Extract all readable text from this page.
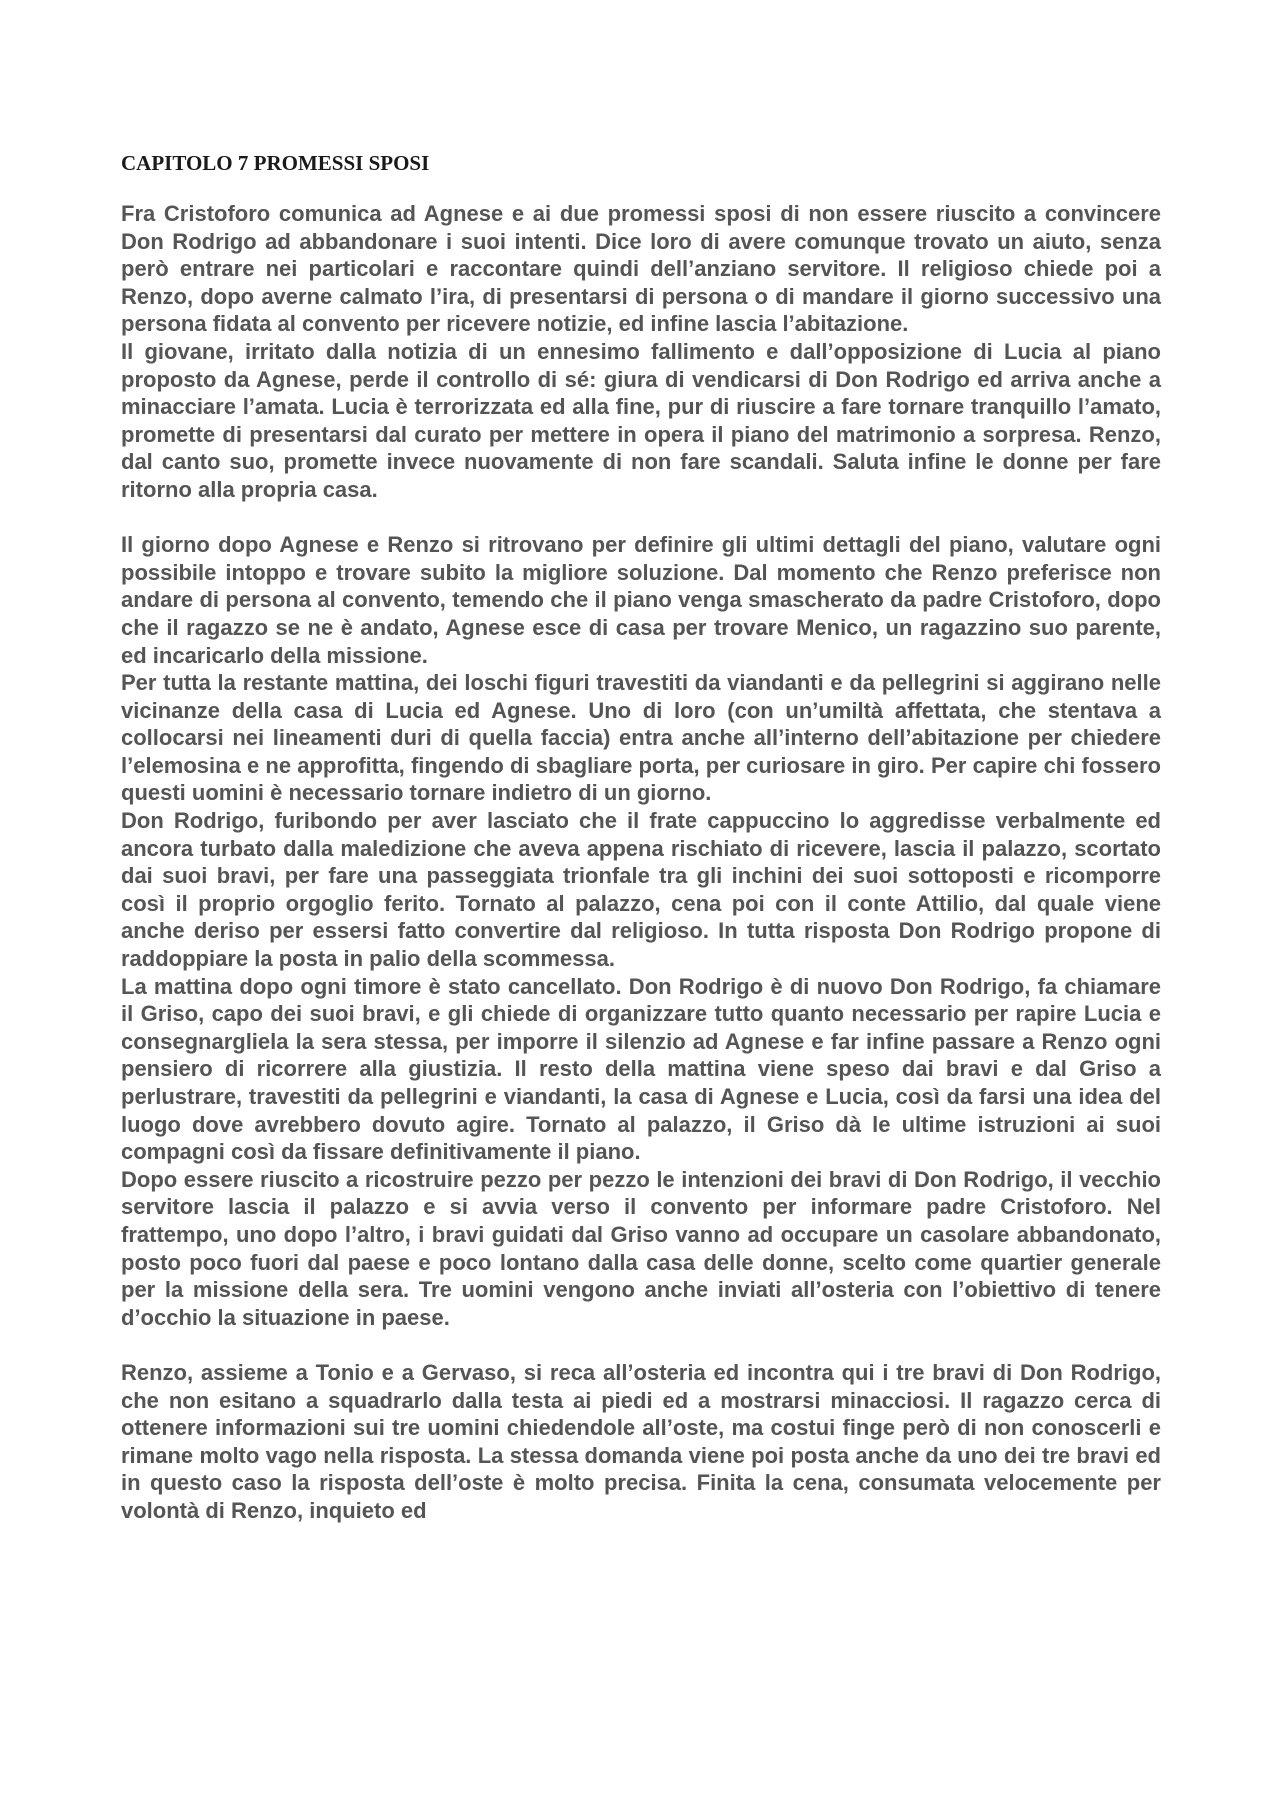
CAPITOLO 7 PROMESSI SPOSI

Fra Cristoforo comunica ad Agnese e ai due promessi sposi di non essere riuscito a convincere Don Rodrigo ad abbandonare i suoi intenti. Dice loro di avere comunque trovato un aiuto, senza però entrare nei particolari e raccontare quindi dell’anziano servitore. Il religioso chiede poi a Renzo, dopo averne calmato l’ira, di presentarsi di persona o di mandare il giorno successivo una persona fidata al convento per ricevere notizie, ed infine lascia l’abitazione.

Il giovane, irritato dalla notizia di un ennesimo fallimento e dall’opposizione di Lucia al piano proposto da Agnese, perde il controllo di sé: giura di vendicarsi di Don Rodrigo ed arriva anche a minacciare l’amata. Lucia è terrorizzata ed alla fine, pur di riuscire a fare tornare tranquillo l’amato, promette di presentarsi dal curato per mettere in opera il piano del matrimonio a sorpresa. Renzo, dal canto suo, promette invece nuovamente di non fare scandali. Saluta infine le donne per fare ritorno alla propria casa.

Il giorno dopo Agnese e Renzo si ritrovano per definire gli ultimi dettagli del piano, valutare ogni possibile intoppo e trovare subito la migliore soluzione. Dal momento che Renzo preferisce non andare di persona al convento, temendo che il piano venga smascherato da padre Cristoforo, dopo che il ragazzo se ne è andato, Agnese esce di casa per trovare Menico, un ragazzino suo parente, ed incaricarlo della missione.

Per tutta la restante mattina, dei loschi figuri travestiti da viandanti e da pellegrini si aggirano nelle vicinanze della casa di Lucia ed Agnese. Uno di loro (con un’umiltà affettata, che stentava a collocarsi nei lineamenti duri di quella faccia) entra anche all’interno dell’abitazione per chiedere l’elemosina e ne approfitta, fingendo di sbagliare porta, per curiosare in giro. Per capire chi fossero questi uomini è necessario tornare indietro di un giorno.

Don Rodrigo, furibondo per aver lasciato che il frate cappuccino lo aggredisse verbalmente ed ancora turbato dalla maledizione che aveva appena rischiato di ricevere, lascia il palazzo, scortato dai suoi bravi, per fare una passeggiata trionfale tra gli inchini dei suoi sottoposti e ricomporre così il proprio orgoglio ferito. Tornato al palazzo, cena poi con il conte Attilio, dal quale viene anche deriso per essersi fatto convertire dal religioso. In tutta risposta Don Rodrigo propone di raddoppiare la posta in palio della scommessa.

La mattina dopo ogni timore è stato cancellato. Don Rodrigo è di nuovo Don Rodrigo, fa chiamare il Griso, capo dei suoi bravi, e gli chiede di organizzare tutto quanto necessario per rapire Lucia e consegnargliela la sera stessa, per imporre il silenzio ad Agnese e far infine passare a Renzo ogni pensiero di ricorrere alla giustizia. Il resto della mattina viene speso dai bravi e dal Griso a perlustrare, travestiti da pellegrini e viandanti, la casa di Agnese e Lucia, così da farsi una idea del luogo dove avrebbero dovuto agire. Tornato al palazzo, il Griso dà le ultime istruzioni ai suoi compagni così da fissare definitivamente il piano.

Dopo essere riuscito a ricostruire pezzo per pezzo le intenzioni dei bravi di Don Rodrigo, il vecchio servitore lascia il palazzo e si avvia verso il convento per informare padre Cristoforo. Nel frattempo, uno dopo l’altro, i bravi guidati dal Griso vanno ad occupare un casolare abbandonato, posto poco fuori dal paese e poco lontano dalla casa delle donne, scelto come quartier generale per la missione della sera. Tre uomini vengono anche inviati all’osteria con l’obiettivo di tenere d’occhio la situazione in paese.

Renzo, assieme a Tonio e a Gervaso, si reca all’osteria ed incontra qui i tre bravi di Don Rodrigo, che non esitano a squadrarlo dalla testa ai piedi ed a mostrarsi minacciosi. Il ragazzo cerca di ottenere informazioni sui tre uomini chiedendole all’oste, ma costui finge però di non conoscerli e rimane molto vago nella risposta. La stessa domanda viene poi posta anche da uno dei tre bravi ed in questo caso la risposta dell’oste è molto precisa. Finita la cena, consumata velocemente per volontà di Renzo, inquieto ed
